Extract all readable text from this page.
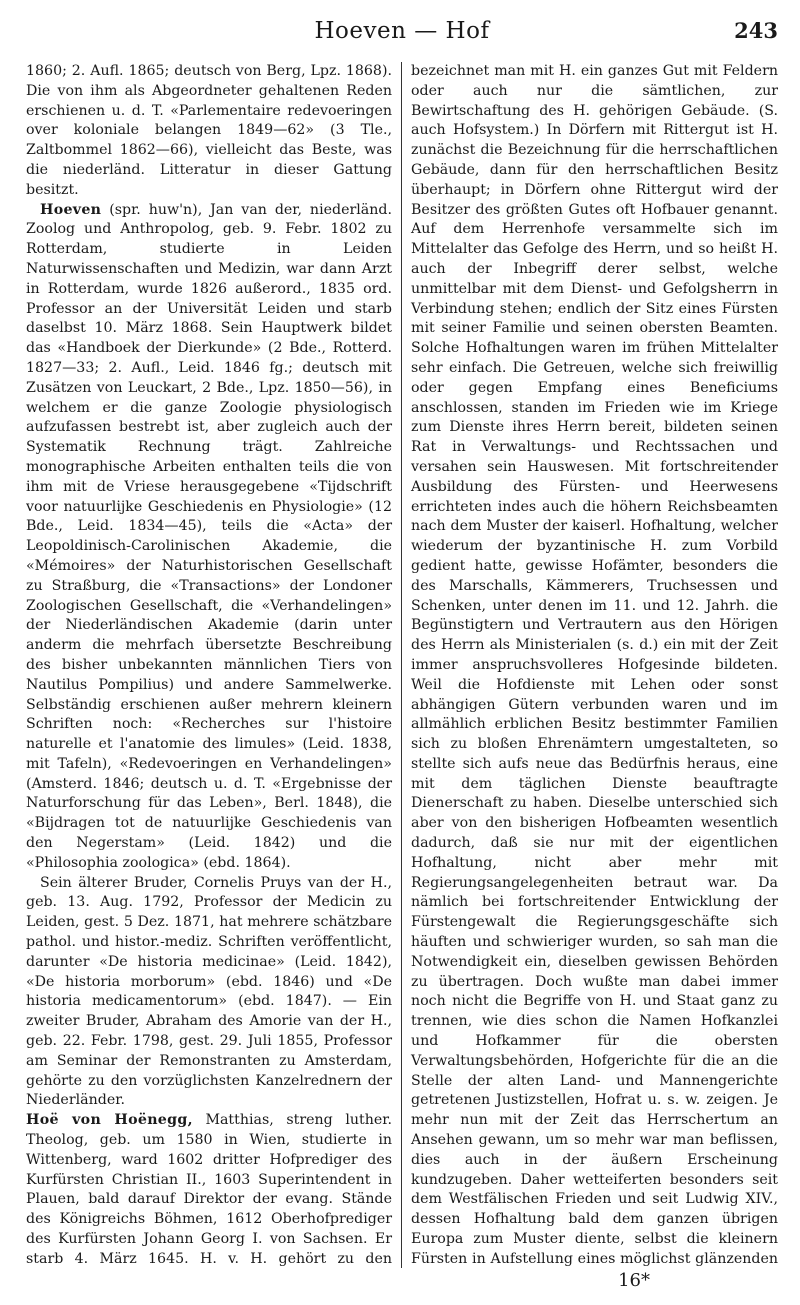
Hoeven — Hof	243

1860; 2. Aufl. 1865; deutsch von Berg, Lpz. 1868). Die von ihm als Abgeordneter gehaltenen Reden erschienen u. d. T. «Parlementaire redevoeringen over koloniale belangen 1849—62» (3 Tle., Zaltbommel 1862—66), vielleicht das Beste, was die niederländ. Litteratur in dieser Gattung besitzt.

Hoeven (spr. huw'n), Jan van der, niederländ. Zoolog und Anthropolog, geb. 9. Febr. 1802 zu Rotterdam, studierte in Leiden Naturwissenschaften und Medizin, war dann Arzt in Rotterdam, wurde 1826 außerord., 1835 ord. Professor an der Universität Leiden und starb daselbst 10. März 1868. Sein Hauptwerk bildet das «Handboek der Dierkunde» (2 Bde., Rotterd. 1827—33; 2. Aufl., Leid. 1846 fg.; deutsch mit Zusätzen von Leuckart, 2 Bde., Lpz. 1850—56), in welchem er die ganze Zoologie physiologisch aufzufassen bestrebt ist, aber zugleich auch der Systematik Rechnung trägt. Zahlreiche monographische Arbeiten enthalten teils die von ihm mit de Vriese herausgegebene «Tijdschrift voor natuurlijke Geschiedenis en Physiologie» (12 Bde., Leid. 1834—45), teils die «Acta» der Leopoldinisch-Carolinischen Akademie, die «Mémoires» der Naturhistorischen Gesellschaft zu Straßburg, die «Transactions» der Londoner Zoologischen Gesellschaft, die «Verhandelingen» der Niederländischen Akademie (darin unter anderm die mehrfach übersetzte Beschreibung des bisher unbekannten männlichen Tiers von Nautilus Pompilius) und andere Sammelwerke. Selbständig erschienen außer mehrern kleinern Schriften noch: «Recherches sur l'histoire naturelle et l'anatomie des limules» (Leid. 1838, mit Tafeln), «Redevoeringen en Verhandelingen» (Amsterd. 1846; deutsch u. d. T. «Ergebnisse der Naturforschung für das Leben», Berl. 1848), die «Bijdragen tot de natuurlijke Geschiedenis van den Negerstam» (Leid. 1842) und die «Philosophia zoologica» (ebd. 1864).

Sein älterer Bruder, Cornelis Pruys van der H., geb. 13. Aug. 1792, Professor der Medicin zu Leiden, gest. 5 Dez. 1871, hat mehrere schätzbare pathol. und histor.-mediz. Schriften veröffentlicht, darunter «De historia medicinae» (Leid. 1842), «De historia morborum» (ebd. 1846) und «De historia medicamentorum» (ebd. 1847). — Ein zweiter Bruder, Abraham des Amorie van der H., geb. 22. Febr. 1798, gest. 29. Juli 1855, Professor am Seminar der Remonstranten zu Amsterdam, gehörte zu den vorzüglichsten Kanzelrednern der Niederländer.

Hoë von Hoënegg, Matthias, streng luther. Theolog, geb. um 1580 in Wien, studierte in Wittenberg, ward 1602 dritter Hofprediger des Kurfürsten Christian II., 1603 Superintendent in Plauen, bald darauf Direktor der evang. Stände des Königreichs Böhmen, 1612 Oberhofprediger des Kurfürsten Johann Georg I. von Sachsen. Er starb 4. März 1645. H. v. H. gehört zu den

bezeichnet man mit H. ein ganzes Gut mit Feldern oder auch nur die sämtlichen, zur Bewirtschaftung des H. gehörigen Gebäude. (S. auch Hofsystem.) In Dörfern mit Rittergut ist H. zunächst die Bezeichnung für die herrschaftlichen Gebäude, dann für den herrschaftlichen Besitz überhaupt; in Dörfern ohne Rittergut wird der Besitzer des größten Gutes oft Hofbauer genannt. Auf dem Herrenhofe versammelte sich im Mittelalter das Gefolge des Herrn, und so heißt H. auch der Inbegriff derer selbst, welche unmittelbar mit dem Dienst- und Gefolgsherrn in Verbindung stehen; endlich der Sitz eines Fürsten mit seiner Familie und seinen obersten Beamten. Solche Hofhaltungen waren im frühen Mittelalter sehr einfach. Die Getreuen, welche sich freiwillig oder gegen Empfang eines Beneficiums anschlossen, standen im Frieden wie im Kriege zum Dienste ihres Herrn bereit, bildeten seinen Rat in Verwaltungs- und Rechtssachen und versahen sein Hauswesen. Mit fortschreitender Ausbildung des Fürsten- und Heerwesens errichteten indes auch die höhern Reichsbeamten nach dem Muster der kaiserl. Hofhaltung, welcher wiederum der byzantinische H. zum Vorbild gedient hatte, gewisse Hofämter, besonders die des Marschalls, Kämmerers, Truchsessen und Schenken, unter denen im 11. und 12. Jahrh. die Begünstigtern und Vertrautern aus den Hörigen des Herrn als Ministerialen (s. d.) ein mit der Zeit immer anspruchsvolleres Hofgesinde bildeten. Weil die Hofdienste mit Lehen oder sonst abhängigen Gütern verbunden waren und im allmählich erblichen Besitz bestimmter Familien sich zu bloßen Ehrenämtern umgestalteten, so stellte sich aufs neue das Bedürfnis heraus, eine mit dem täglichen Dienste beauftragte Dienerschaft zu haben. Dieselbe unterschied sich aber von den bisherigen Hofbeamten wesentlich dadurch, daß sie nur mit der eigentlichen Hofhaltung, nicht aber mehr mit Regierungsangelegenheiten betraut war. Da nämlich bei fortschreitender Entwicklung der Fürstengewalt die Regierungsgeschäfte sich häuften und schwieriger wurden, so sah man die Notwendigkeit ein, dieselben gewissen Behörden zu übertragen. Doch wußte man dabei immer noch nicht die Begriffe von H. und Staat ganz zu trennen, wie dies schon die Namen Hofkanzlei und Hofkammer für die obersten Verwaltungsbehörden, Hofgerichte für die an die Stelle der alten Land- und Mannengerichte getretenen Justizstellen, Hofrat u. s. w. zeigen. Je mehr nun mit der Zeit das Herrschertum an Ansehen gewann, um so mehr war man beflissen, dies auch in der äußern Erscheinung kundzugeben. Daher wetteiferten besonders seit dem Westfälischen Frieden und seit Ludwig XIV., dessen Hofhaltung bald dem ganzen übrigen Europa zum Muster diente, selbst die kleinern Fürsten in Aufstellung eines möglichst glänzenden

16*
